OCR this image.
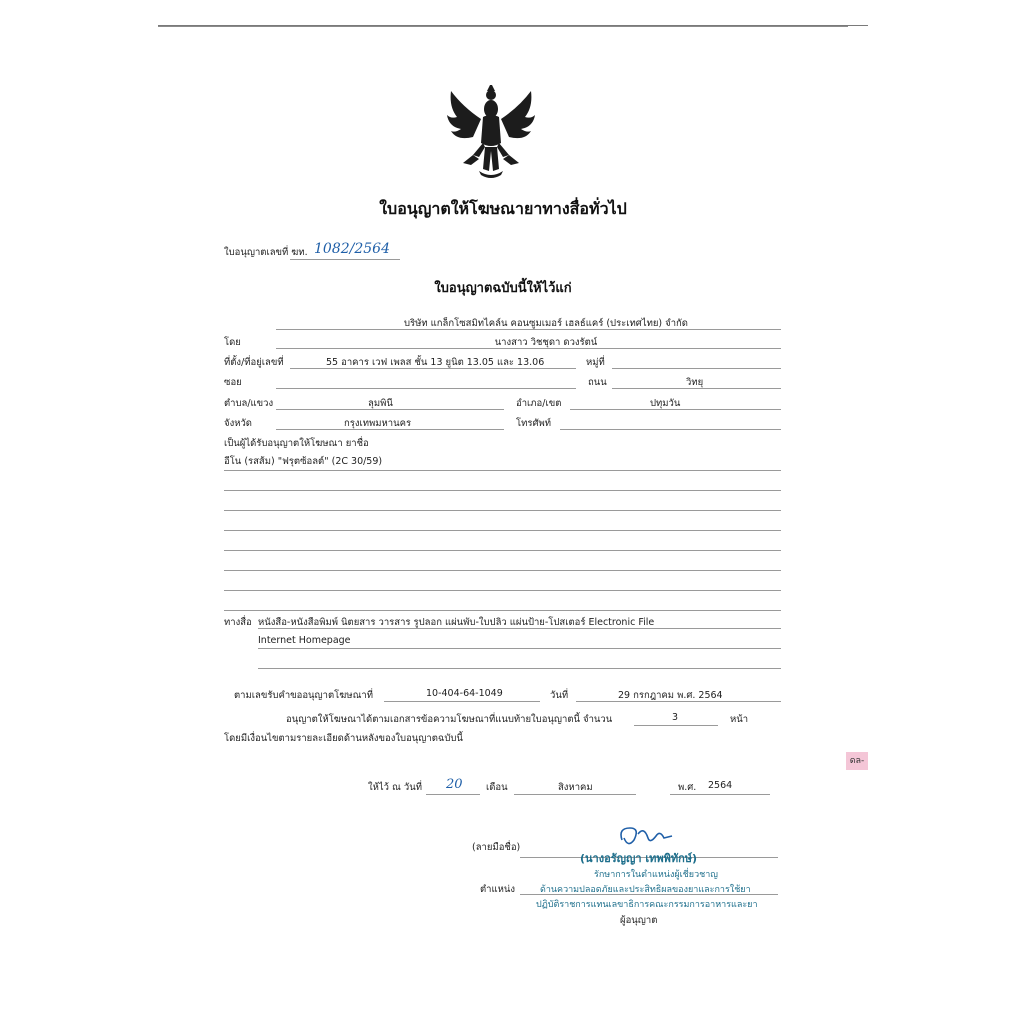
ใบอนุญาตให้โฆษณายาทางสื่อทั่วไป
ใบอนุญาตเลขที่ ฆท. 1082/2564
ใบอนุญาตฉบับนี้ให้ไว้แก่
บริษัท แกล็กโซสมิทไคล์น คอนซูมเมอร์ เฮลธ์แคร์ (ประเทศไทย) จำกัด
โดย	นางสาว วิชชุดา ดวงรัตน์
ที่ตั้ง/ที่อยู่เลขที่	55 อาคาร เวฟ เพลส ชั้น 13 ยูนิต 13.05 และ 13.06	หมู่ที่
ซอย	ถนน	วิทยุ
ตำบล/แขวง	ลุมพินี	อำเภอ/เขต	ปทุมวัน
จังหวัด	กรุงเทพมหานคร	โทรศัพท์
เป็นผู้ได้รับอนุญาตให้โฆษณา ยาชื่อ
อีโน (รสส้ม) "ฟรุตซ้อลต์" (2C 30/59)
ทางสื่อ หนังสือ-หนังสือพิมพ์ นิตยสาร วารสาร รูปลอก แผ่นพับ-ใบปลิว แผ่นป้าย-โปสเตอร์ Electronic File
Internet Homepage
ตามเลขรับคำขออนุญาตโฆษณาที่	10-404-64-1049	วันที่	29 กรกฎาคม พ.ศ. 2564
อนุญาตให้โฆษณาได้ตามเอกสารข้อความโฆษณาที่แนบท้ายใบอนุญาตนี้ จำนวน	3	หน้า
โดยมีเงื่อนไขตามรายละเอียดด้านหลังของใบอนุญาตฉบับนี้
ให้ไว้ ณ วันที่ 20 เดือน	สิงหาคม	พ.ศ. 2564
(ลายมือชื่อ)
(นางอรัญญา เทพพิทักษ์)
รักษาการในตำแหน่งผู้เชี่ยวชาญ
ตำแหน่ง	ด้านความปลอดภัยและประสิทธิผลของยาและการใช้ยา
ปฏิบัติราชการแทนเลขาธิการคณะกรรมการอาหารและยา
ผู้อนุญาต
ดล-
